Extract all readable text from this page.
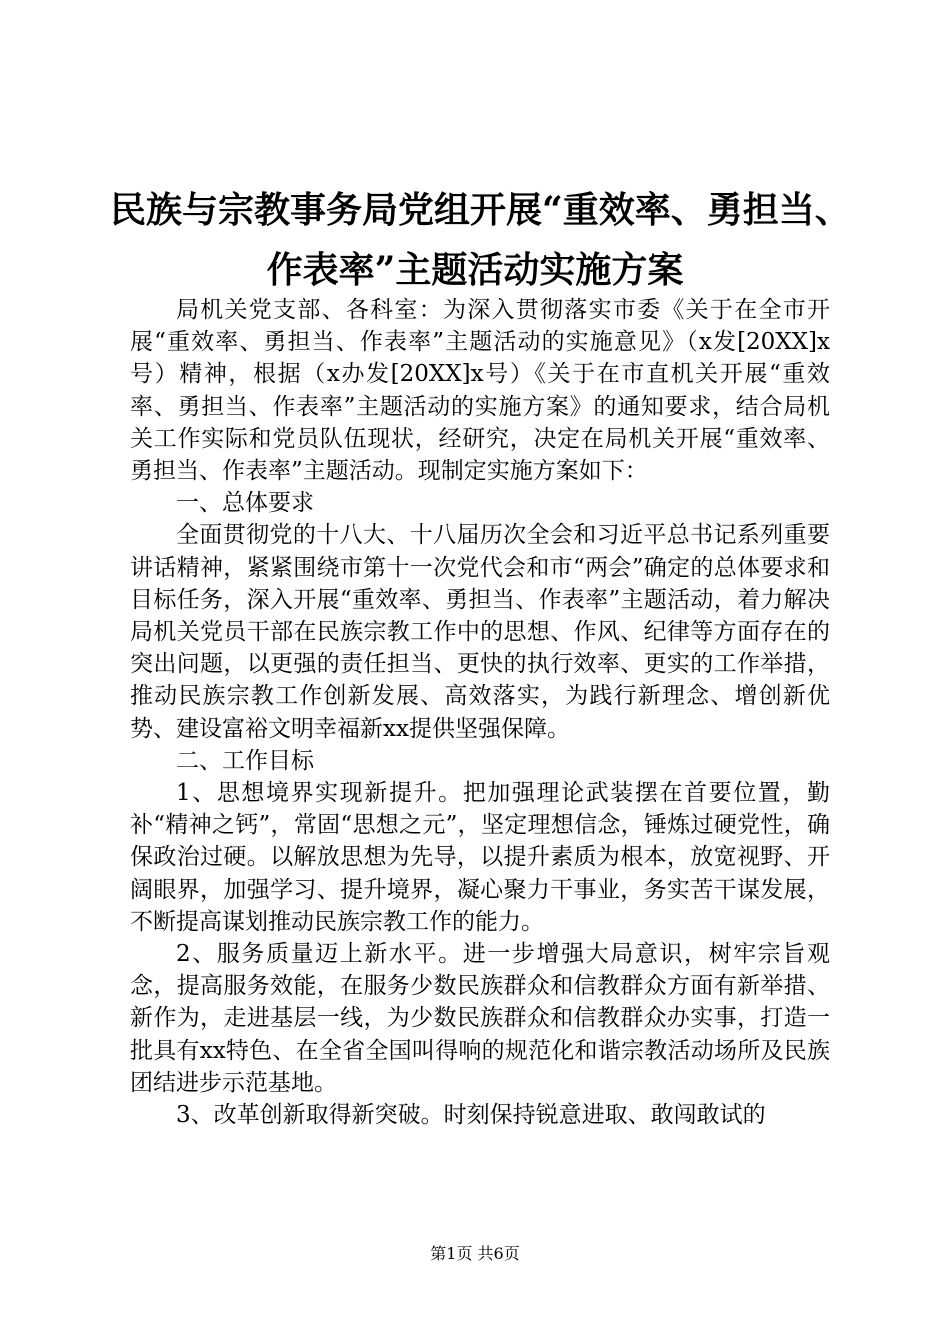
民族与宗教事务局党组开展“重效率、勇担当、
作表率”主题活动实施方案

局机关党支部、各科室：为深入贯彻落实市委《关于在全市开展“重效率、勇担当、作表率”主题活动的实施意见》（x发[20XX]x号）精神，根据（x办发[20XX]x号）《关于在市直机关开展“重效率、勇担当、作表率”主题活动的实施方案》的通知要求，结合局机关工作实际和党员队伍现状，经研究，决定在局机关开展“重效率、勇担当、作表率”主题活动。现制定实施方案如下：

一、总体要求

全面贯彻党的十八大、十八届历次全会和习近平总书记系列重要讲话精神，紧紧围绕市第十一次党代会和市“两会”确定的总体要求和目标任务，深入开展“重效率、勇担当、作表率”主题活动，着力解决局机关党员干部在民族宗教工作中的思想、作风、纪律等方面存在的突出问题，以更强的责任担当、更快的执行效率、更实的工作举措，推动民族宗教工作创新发展、高效落实，为践行新理念、增创新优势、建设富裕文明幸福新xx提供坚强保障。

二、工作目标

1、思想境界实现新提升。把加强理论武装摆在首要位置，勤补“精神之钙”，常固“思想之元”，坚定理想信念，锤炼过硬党性，确保政治过硬。以解放思想为先导，以提升素质为根本，放宽视野、开阔眼界，加强学习、提升境界，凝心聚力干事业，务实苦干谋发展，不断提高谋划推动民族宗教工作的能力。

2、服务质量迈上新水平。进一步增强大局意识，树牢宗旨观念，提高服务效能，在服务少数民族群众和信教群众方面有新举措、新作为，走进基层一线，为少数民族群众和信教群众办实事，打造一批具有xx特色、在全省全国叫得响的规范化和谐宗教活动场所及民族团结进步示范基地。

3、改革创新取得新突破。时刻保持锐意进取、敢闯敢试的

第1页 共6页
